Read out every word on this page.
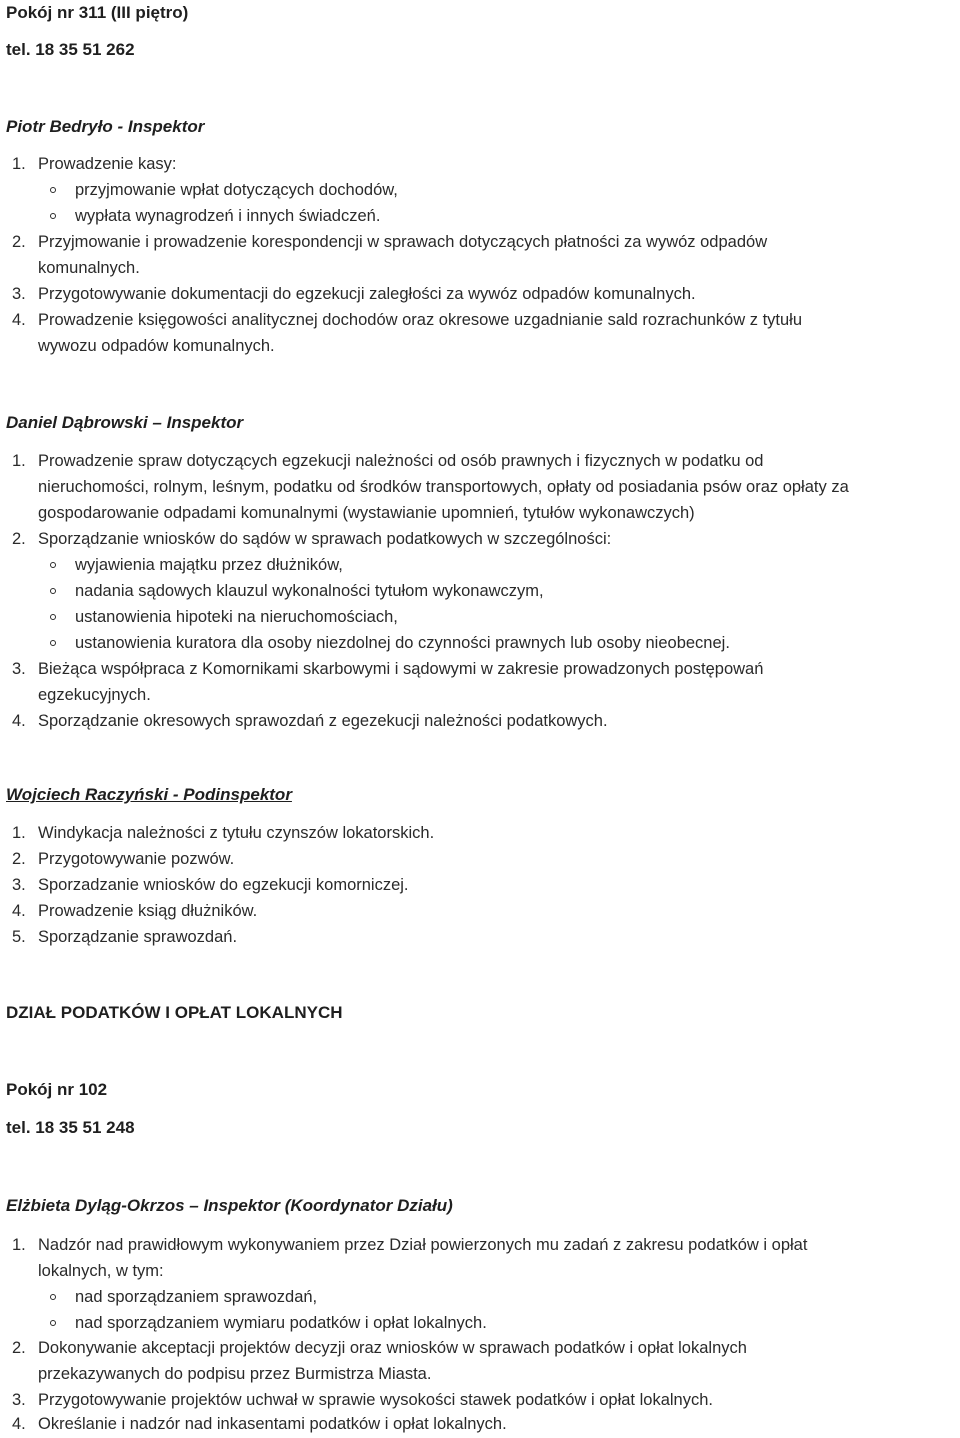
Pokój nr 311 (III piętro)
tel. 18 35 51 262
Piotr Bedryło - Inspektor
1. Prowadzenie kasy:
przyjmowanie wpłat dotyczących dochodów,
wypłata wynagrodzeń i innych świadczeń.
2. Przyjmowanie i prowadzenie korespondencji w sprawach dotyczących płatności za wywóz odpadów
komunalnych.
3. Przygotowywanie dokumentacji do egzekucji zaległości za wywóz odpadów komunalnych.
4. Prowadzenie księgowości analitycznej dochodów oraz okresowe uzgadnianie sald rozrachunków z tytułu
wywozu odpadów komunalnych.
Daniel Dąbrowski – Inspektor
1. Prowadzenie spraw dotyczących egzekucji należności od osób prawnych i fizycznych w podatku od
nieruchomości, rolnym, leśnym, podatku od środków transportowych, opłaty od posiadania psów oraz opłaty za
gospodarowanie odpadami komunalnymi (wystawianie upomnień, tytułów wykonawczych)
2. Sporządzanie wniosków do sądów w sprawach podatkowych w szczególności:
wyjawienia majątku przez dłużników,
nadania sądowych klauzul wykonalności tytułom wykonawczym,
ustanowienia hipoteki na nieruchomościach,
ustanowienia kuratora dla osoby niezdolnej do czynności prawnych lub osoby nieobecnej.
3. Bieżąca współpraca z Komornikami skarbowymi i sądowymi w zakresie prowadzonych postępowań
egzekucyjnych.
4. Sporządzanie okresowych sprawozdań z egezekucji należności podatkowych.
Wojciech Raczyński - Podinspektor
1. Windykacja należności z tytułu czynszów lokatorskich.
2. Przygotowywanie pozwów.
3. Sporzadzanie wniosków do egzekucji komorniczej.
4. Prowadzenie ksiąg dłużników.
5. Sporządzanie sprawozdań.
DZIAŁ PODATKÓW I OPŁAT LOKALNYCH
Pokój nr 102
tel. 18 35 51 248
Elżbieta Dyląg-Okrzos – Inspektor (Koordynator Działu)
1. Nadzór nad prawidłowym wykonywaniem przez Dział powierzonych mu zadań z zakresu podatków i opłat
lokalnych, w tym:
nad sporządzaniem sprawozdań,
nad sporządzaniem wymiaru podatków i opłat lokalnych.
2. Dokonywanie akceptacji projektów decyzji oraz wniosków w sprawach podatków i opłat lokalnych
przekazywanych do podpisu przez Burmistrza Miasta.
3. Przygotowywanie projektów uchwał w sprawie wysokości stawek podatków i opłat lokalnych.
4. Określanie i nadzór nad inkasentami podatków i opłat lokalnych.
